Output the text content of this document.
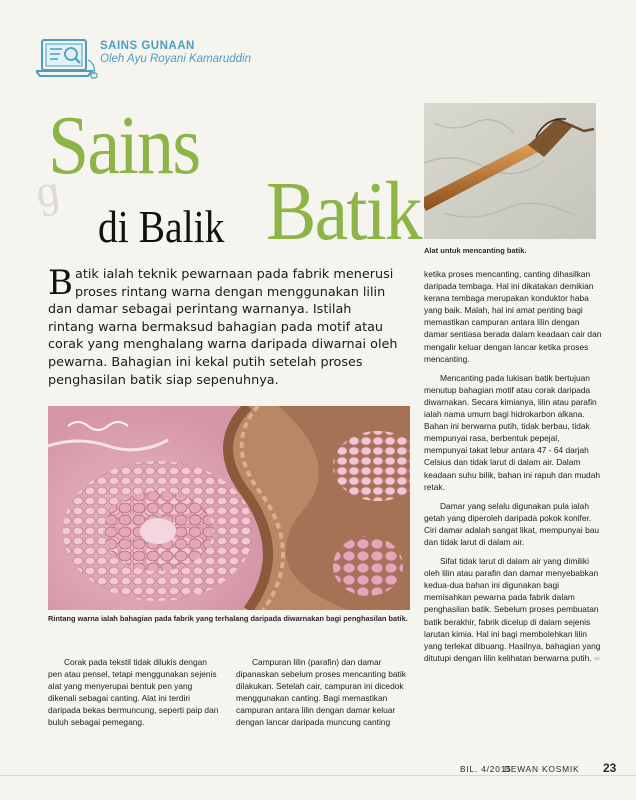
SAINS GUNAAN
Oleh Ayu Royani Kamaruddin
ɡ
Sains
di Balik Batik Alat untuk mencanting batik.
Batik ialah teknik pewarnaan pada fabrik menerusi proses rintang warna dengan menggunakan lilin dan damar sebagai perintang warnanya. Istilah rintang warna bermaksud bahagian pada motif atau corak yang menghalang warna daripada diwarnai oleh pewarna. Bahagian ini kekal putih setelah proses penghasilan batik siap sepenuhnya.
Rintang warna ialah bahagian pada fabrik yang terhalang daripada diwarnakan bagi penghasilan batik.
Corak pada tekstil tidak dilukis dengan pen atau pensel, tetapi menggunakan sejenis alat yang menyerupai bentuk pen yang dikenali sebagai canting. Alat ini terdiri daripada bekas bermuncung, seperti paip dan buluh sebagai pemegang.
Campuran lilin (parafin) dan damar dipanaskan sebelum proses mencanting batik dilakukan. Setelah cair, campuran ini dicedok menggunakan canting. Bagi memastikan campuran antara lilin dengan damar keluar dengan lancar daripada muncung canting

ketika proses mencanting, canting dihasilkan daripada tembaga. Hal ini dikatakan demikian kerana tembaga merupakan konduktor haba yang baik. Malah, hal ini amat penting bagi memastikan campuran antara lilin dengan damar sentiasa berada dalam keadaan cair dan mengalir keluar dengan lancar ketika proses mencanting.

Mencanting pada lukisan batik bertujuan menutup bahagian motif atau corak daripada diwarnakan. Secara kimianya, lilin atau parafin ialah nama umum bagi hidrokarbon alkana. Bahan ini berwarna putih, tidak berbau, tidak mempunyai rasa, berbentuk pepejal, mempunyai takat lebur antara 47 - 64 darjah Celsius dan tidak larut di dalam air. Dalam keadaan suhu bilik, bahan ini rapuh dan mudah retak.

Damar yang selalu digunakan pula ialah getah yang diperoleh daripada pokok konifer. Ciri damar adalah sangat likat, mempunyai bau dan tidak larut di dalam air.

Sifat tidak larut di dalam air yang dimiliki oleh lilin atau parafin dan damar menyebabkan kedua-dua bahan ini digunakan bagi memisahkan pewarna pada fabrik dalam penghasilan batik. Sebelum proses pembuatan batik berakhir, fabrik dicelup di dalam sejenis larutan kimia. Hal ini bagi membolehkan lilin yang terlekat dibuang. Hasilnya, bahagian yang ditutupi dengan lilin kelihatan berwarna putih. ∞

BIL. 4/2015
DEWAN KOSMIK 23
